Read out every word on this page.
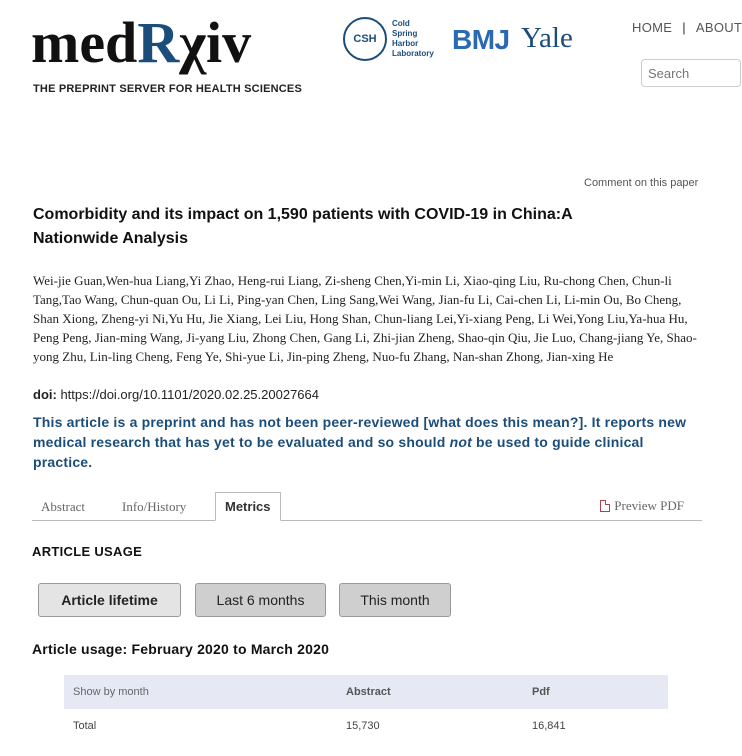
medRχiv
THE PREPRINT SERVER FOR HEALTH SCIENCES
CSH
Cold
Spring
Harbor
Laboratory BMJ Yale	HOME | ABOUT
Search
Comment on this paper
Comorbidity and its impact on 1,590 patients with COVID-19 in China:A Nationwide Analysis
Wei-jie Guan,Wen-hua Liang,Yi Zhao, Heng-rui Liang, Zi-sheng Chen,Yi-min Li, Xiao-qing Liu, Ru-chong Chen, Chun-li Tang,Tao Wang, Chun-quan Ou, Li Li, Ping-yan Chen, Ling Sang,Wei Wang, Jian-fu Li, Cai-chen Li, Li-min Ou, Bo Cheng, Shan Xiong, Zheng-yi Ni,Yu Hu, Jie Xiang, Lei Liu, Hong Shan, Chun-liang Lei,Yi-xiang Peng, Li Wei,Yong Liu,Ya-hua Hu, Peng Peng, Jian-ming Wang, Ji-yang Liu, Zhong Chen, Gang Li, Zhi-jian Zheng, Shao-qin Qiu, Jie Luo, Chang-jiang Ye, Shao-yong Zhu, Lin-ling Cheng, Feng Ye, Shi-yue Li, Jin-ping Zheng, Nuo-fu Zhang, Nan-shan Zhong, Jian-xing He
doi: https://doi.org/10.1101/2020.02.25.20027664
This article is a preprint and has not been peer-reviewed [what does this mean?]. It reports new medical research that has yet to be evaluated and so should not be used to guide clinical practice.
Abstract	Info/History	Metrics	Preview PDF
ARTICLE USAGE
Article lifetime	Last 6 months	This month
Article usage: February 2020 to March 2020
Show by month	Abstract	Pdf
Total	15,730	16,841
